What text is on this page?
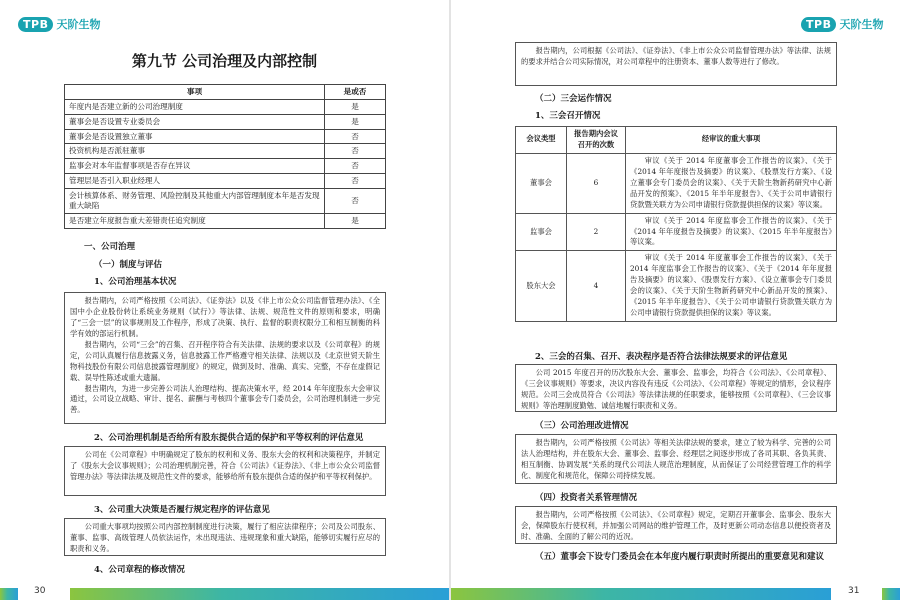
TPB 天阶生物
第九节 公司治理及内部控制
事项	是或否
年度内是否建立新的公司治理制度	是
董事会是否设置专业委员会	是
董事会是否设置独立董事	否
投资机构是否派驻董事	否
监事会对本年监督事项是否存在异议	否
管理层是否引入职业经理人	否
会计核算体系、财务管理、风险控制及其他重大内部管理制度本年是否发现重大缺陷	否
是否建立年度报告重大差错责任追究制度	是
一、公司治理
（一）制度与评估
1、公司治理基本状况

报告期内，公司严格按照《公司法》、《证券法》以及《非上市公众公司监督管理办法》、《全国中小企业股份转让系统业务规则（试行）》等法律、法规、规范性文件的原则和要求，明确了“三会一层”的议事规则及工作程序，形成了决策、执行、监督的职责权限分工和相互制衡的科学有效的部运行机制。

报告期内，公司“三会”的召集、召开程序符合有关法律、法规的要求以及《公司章程》的规定，公司认真履行信息披露义务，信息披露工作严格遵守相关法律、法规以及《北京世贸天阶生物科技股份有限公司信息披露管理制度》的规定，做到及时、准确、真实、完整，不存在虚假记载、误导性陈述或重大遗漏。

报告期内，为进一步完善公司法人治理结构、提高决策水平，经 2014 年年度股东大会审议通过，公司设立战略、审计、提名、薪酬与考核四个董事会专门委员会，公司治理机制进一步完善。

2、公司治理机制是否给所有股东提供合适的保护和平等权利的评估意见

公司在《公司章程》中明确规定了股东的权利和义务、股东大会的权利和决策程序，并制定了《股东大会议事规则》；公司治理机制完善，符合《公司法》《证券法》、《非上市公众公司监督管理办法》等法律法规及规范性文件的要求，能够给所有股东提供合适的保护和平等权利保护。

3、公司重大决策是否履行规定程序的评估意见

公司重大事项均按照公司内部控制制度进行决策，履行了相应法律程序；公司及公司股东、董事、监事、高级管理人员依法运作，未出现违法、违规现象和重大缺陷，能够切实履行应尽的职责和义务。

4、公司章程的修改情况
TPB 天阶生物

报告期内，公司根据《公司法》、《证券法》、《非上市公众公司监督管理办法》等法律、法规的要求并结合公司实际情况，对公司章程中的注册资本、董事人数等进行了修改。

（二）三会运作情况
1、三会召开情况
会议类型	报告期内会议召开的次数	经审议的重大事项
董事会	6	审议《关于 2014 年度董事会工作报告的议案》、《关于《2014 年年度报告及摘要》的议案》、《股票发行方案》、《设立董事会专门委员会的议案》、《关于天阶生物新药研究中心新品开发的预案》、《2015 年半年度报告》、《关于公司申请银行贷款暨关联方为公司申请银行贷款提供担保的议案》等议案。
监事会	2	审议《关于 2014 年度监事会工作报告的议案》、《关于《2014 年年度报告及摘要》的议案》、《2015 年半年度报告》等议案。
股东大会	4	审议《关于 2014 年度董事会工作报告的议案》、《关于 2014 年度监事会工作报告的议案》、《关于《2014 年年度报告及摘要》的议案》、《股票发行方案》、《设立董事会专门委员会的议案》、《关于天阶生物新药研究中心新品开发的预案》、《2015 年半年度报告》、《关于公司申请银行贷款暨关联方为公司申请银行贷款提供担保的议案》等议案。
2、三会的召集、召开、表决程序是否符合法律法规要求的评估意见

公司 2015 年度召开的历次股东大会、董事会、监事会，均符合《公司法》、《公司章程》、《三会议事规则》等要求，决议内容没有违反《公司法》、《公司章程》等规定的情形，会议程序规范。公司三会成员符合《公司法》等法律法规的任职要求，能够按照《公司章程》、《三会议事规则》等治理制度勤勉、诚信地履行职责和义务。

（三）公司治理改进情况

报告期内，公司严格按照《公司法》等相关法律法规的要求，建立了较为科学、完善的公司法人治理结构，并在股东大会、董事会、监事会、经理层之间逐步形成了各司其职、各负其责、相互制衡、协调发展“关系的现代公司法人规范治理制度，从而保证了公司经营管理工作的科学化、制度化和规范化，保障公司持续发展。

（四）投资者关系管理情况

报告期内，公司严格按照《公司法》、《公司章程》规定，定期召开董事会、监事会、股东大会，保障股东行使权利，并加强公司网站的维护管理工作，及时更新公司动态信息以便投资者及时、准确、全面的了解公司的近况。

（五）董事会下设专门委员会在本年度内履行职责时所提出的重要意见和建议
30	31
